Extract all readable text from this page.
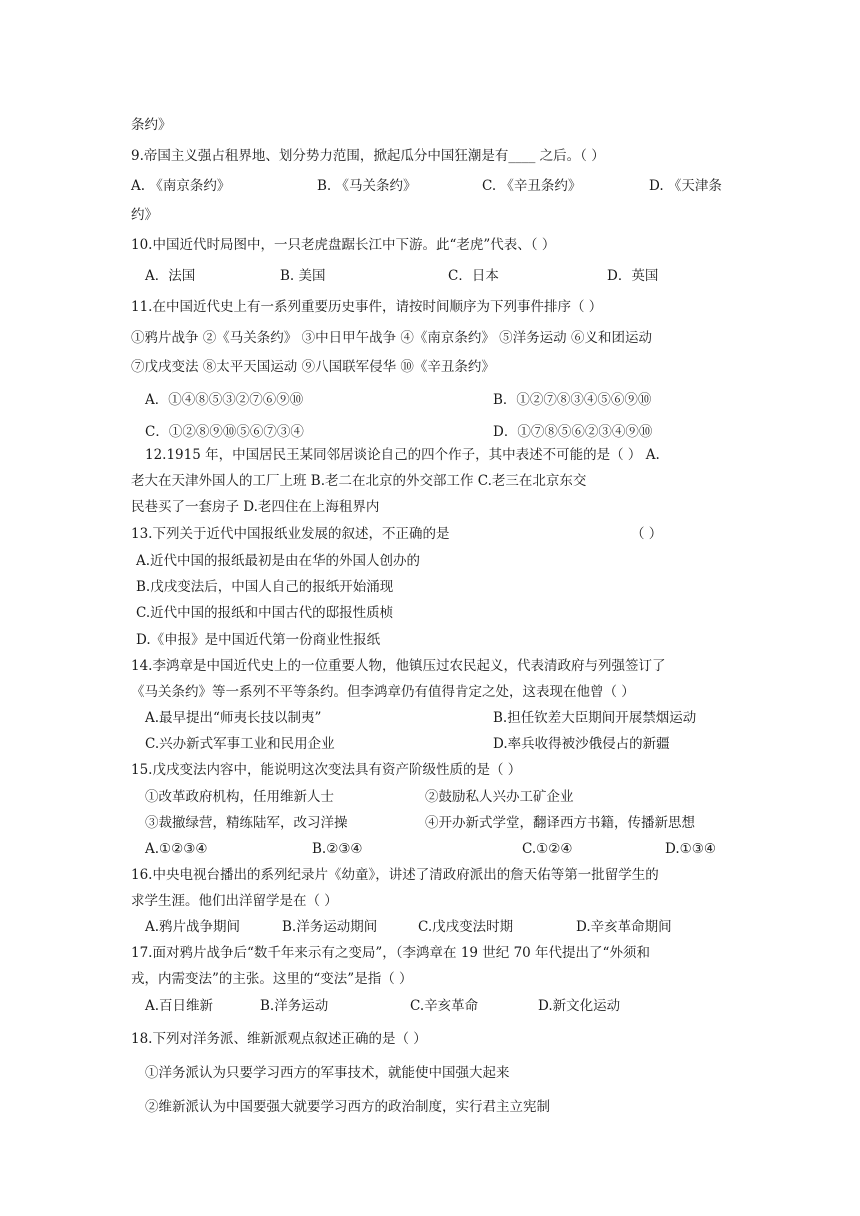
条约》
9.帝国主义强占租界地、划分势力范围，掀起瓜分中国狂潮是有____ 之后。（ ）
A. 《南京条约》	B. 《马关条约》	C. 《辛丑条约》	D. 《天津条
约》
10.中国近代时局图中，一只老虎盘踞长江中下游。此“老虎”代表、（ ）
A．法国	B. 美国	C．日本	D．英国
11.在中国近代史上有一系列重要历史事件，请按时间顺序为下列事件排序（ ）
①鸦片战争 ②《马关条约》 ③中日甲午战争 ④《南京条约》 ⑤洋务运动 ⑥义和团运动
⑦戊戌变法 ⑧太平天国运动 ⑨八国联军侵华 ⑩《辛丑条约》
A．①④⑧⑤③②⑦⑥⑨⑩	B．①②⑦⑧③④⑤⑥⑨⑩
C．①②⑧⑨⑩⑤⑥⑦③④	D．①⑦⑧⑤⑥②③④⑨⑩
12.1915 年，中国居民王某同邻居谈论自己的四个作子，其中表述不可能的是（ ） A.
老大在天津外国人的工厂上班 B.老二在北京的外交部工作 C.老三在北京东交
民巷买了一套房子 D.老四住在上海租界内
13.下列关于近代中国报纸业发展的叙述，不正确的是	（ ）
A.近代中国的报纸最初是由在华的外国人创办的
B.戊戌变法后，中国人自己的报纸开始涌现
C.近代中国的报纸和中国古代的邸报性质桢
D.《申报》是中国近代第一份商业性报纸
14.李鸿章是中国近代史上的一位重要人物，他镇压过农民起义，代表清政府与列强签订了
《马关条约》等一系列不平等条约。但李鸿章仍有值得肯定之处，这表现在他曾（ ）
A.最早提出“师夷长技以制夷”	B.担任钦差大臣期间开展禁烟运动
C.兴办新式军事工业和民用企业	D.率兵收得被沙俄侵占的新疆
15.戊戌变法内容中，能说明这次变法具有资产阶级性质的是（ ）
①改革政府机构，任用维新人士	②鼓励私人兴办工矿企业
③裁撤绿营，精练陆军，改习洋操	④开办新式学堂，翻译西方书籍，传播新思想
A.①②③④	B.②③④	C.①②④	D.①③④
16.中央电视台播出的系列纪录片《幼童》，讲述了清政府派出的詹天佑等第一批留学生的
求学生涯。他们出洋留学是在（ ）
A.鸦片战争期间	B.洋务运动期间	C.戊戌变法时期	D.辛亥革命期间
17.面对鸦片战争后“数千年来示有之变局”，（李鸿章在 19 世纪 70 年代提出了“外须和
戎，内需变法”的主张。这里的“变法”是指（ ）
A.百日维新	B.洋务运动	C.辛亥革命	D.新文化运动
18.下列对洋务派、维新派观点叙述正确的是（ ）
①洋务派认为只要学习西方的军事技术，就能使中国强大起来
②维新派认为中国要强大就要学习西方的政治制度，实行君主立宪制
